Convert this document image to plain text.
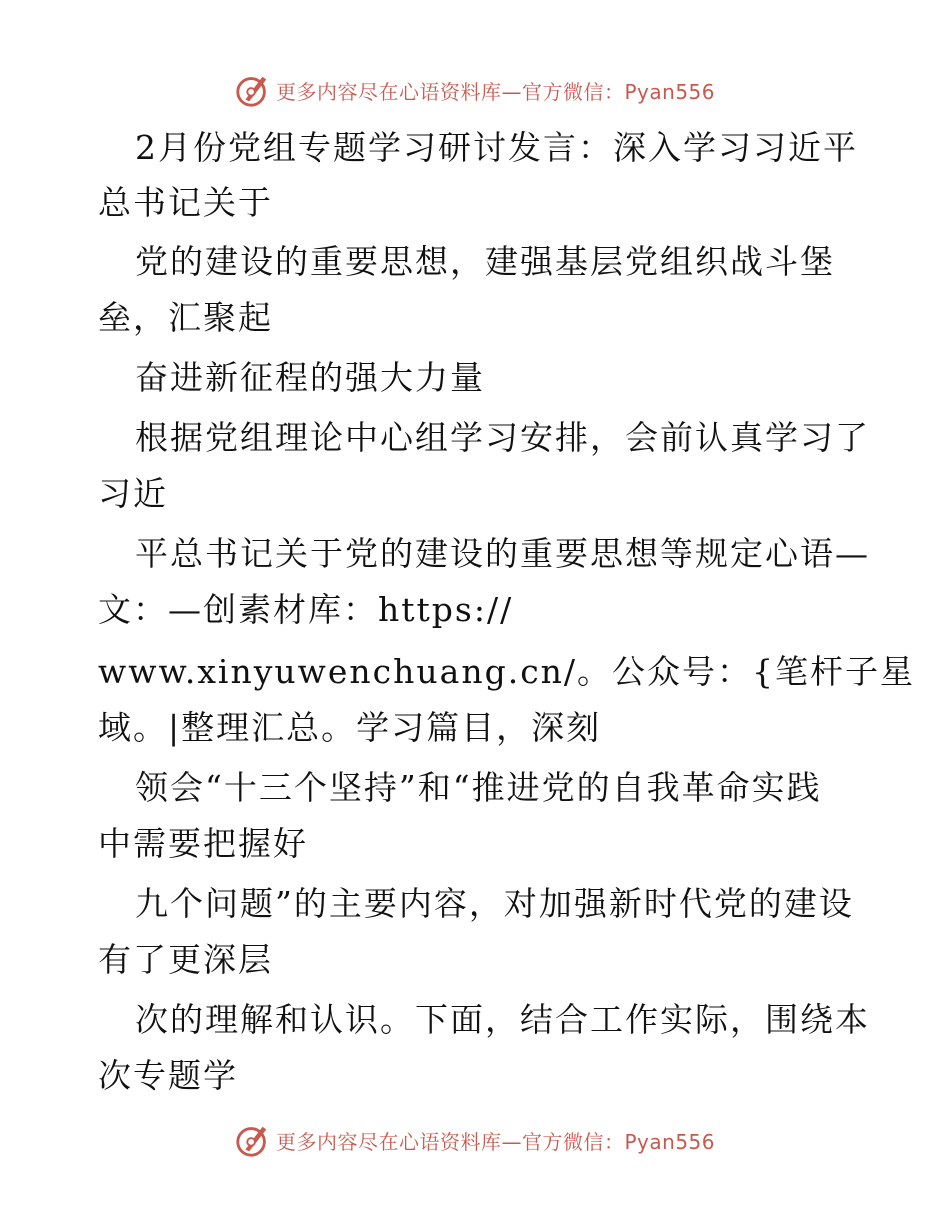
更多内容尽在心语资料库—官方微信：Pyan556
2月份党组专题学习研讨发言：深入学习习近平
总书记关于
党的建设的重要思想，建强基层党组织战斗堡
垒，汇聚起
奋进新征程的强大力量
根据党组理论中心组学习安排，会前认真学习了
习近
平总书记关于党的建设的重要思想等规定心语—
文：—创素材库：https://
www.xinyuwenchuang.cn/。公众号：{笔杆子星
域。|整理汇总。学习篇目，深刻
领会“十三个坚持”和“推进党的自我革命实践
中需要把握好
九个问题”的主要内容，对加强新时代党的建设
有了更深层
次的理解和认识。下面，结合工作实际，围绕本
次专题学
更多内容尽在心语资料库—官方微信：Pyan556
